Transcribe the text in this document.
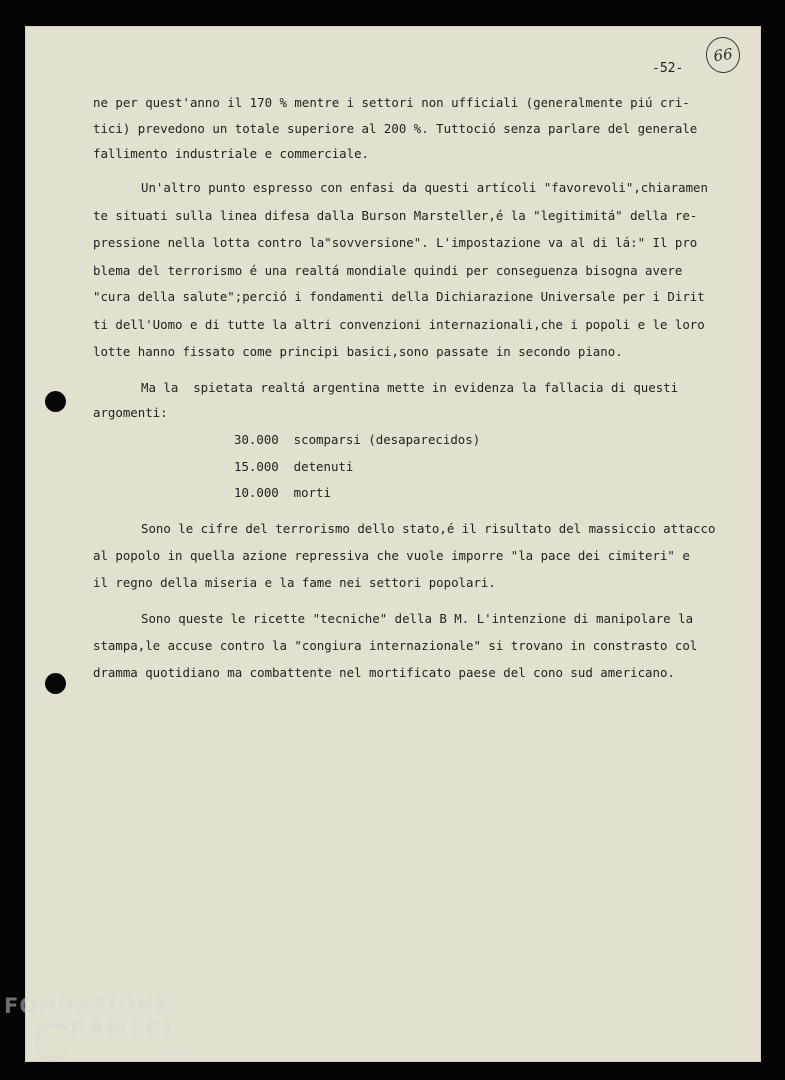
-52-
66
ne per quest'anno il 170 % mentre i settori non ufficiali (generalmente piú cri-
tici) prevedono un totale superiore al 200 %. Tuttoció senza parlare del generale
fallimento industriale e commerciale.
Un'altro punto espresso con enfasi da questi artícoli "favorevoli",chiaramen
te situati sulla linea difesa dalla Burson Marsteller,é la "legitimitá" della re-
pressione nella lotta contro la"sovversione". L'impostazione va al di lá:" Il pro
blema del terrorismo é una realtá mondiale quindi per conseguenza bisogna avere
"cura della salute";perció i fondamenti della Dichiarazione Universale per i Dirit
ti dell'Uomo e di tutte la altri convenzioni internazionali,che i popoli e le loro
lotte hanno fissato come principi basici,sono passate in secondo piano.
Ma la  spietata realtá argentina mette in evidenza la fallacia di questi
argomenti:
30.000  scomparsi (desaparecidos)
15.000  detenuti
10.000  morti
Sono le cifre del terrorismo dello stato,é il risultato del massiccio attacco
al popolo in quella azione repressiva che vuole imporre "la pace dei cimiteri" e
il regno della miseria e la fame nei settori popolari.
Sono queste le ricette "tecniche" della B M. L'intenzione di manipolare la
stampa,le accuse contro la "congiura internazionale" si trovano in constrasto col
dramma quotidiano ma combattente nel mortificato paese del cono sud americano.
FONDAZIONE
RAMSCI
onlus
